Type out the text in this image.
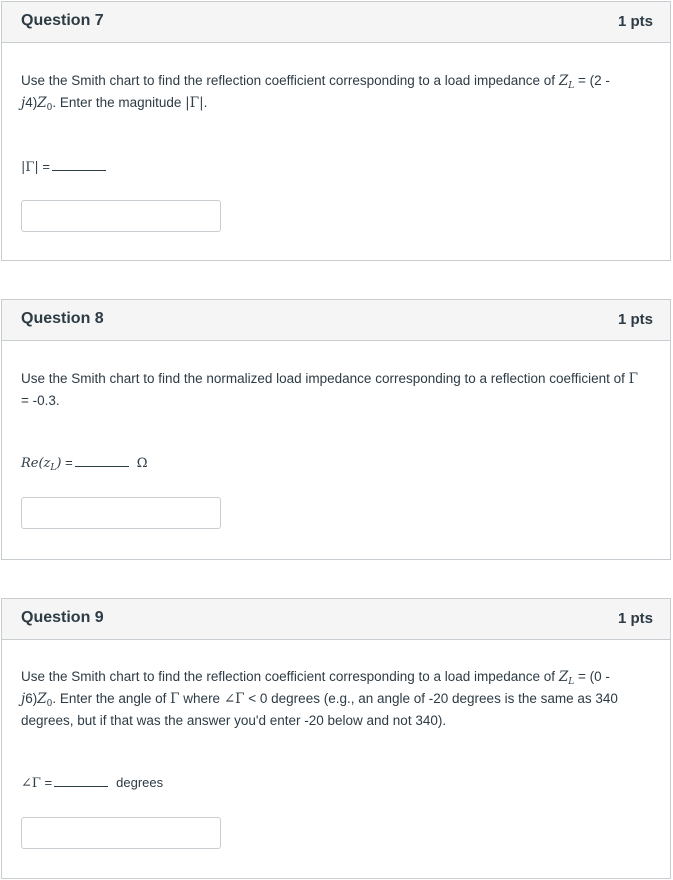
Question 7	1 pts
Use the Smith chart to find the reflection coefficient corresponding to a load impedance of $Z_L = (2 - j4)Z_0$. Enter the magnitude |Γ|.
|Γ| =
Question 8	1 pts
Use the Smith chart to find the normalized load impedance corresponding to a reflection coefficient of Γ = -0.3.
$Re(z_L)$ =	Ω
Question 9	1 pts
Use the Smith chart to find the reflection coefficient corresponding to a load impedance of $Z_L = (0 - j6)Z_0$. Enter the angle of Γ where ∠Γ < 0 degrees (e.g., an angle of -20 degrees is the same as 340 degrees, but if that was the answer you'd enter -20 below and not 340).
∠Γ =	degrees
